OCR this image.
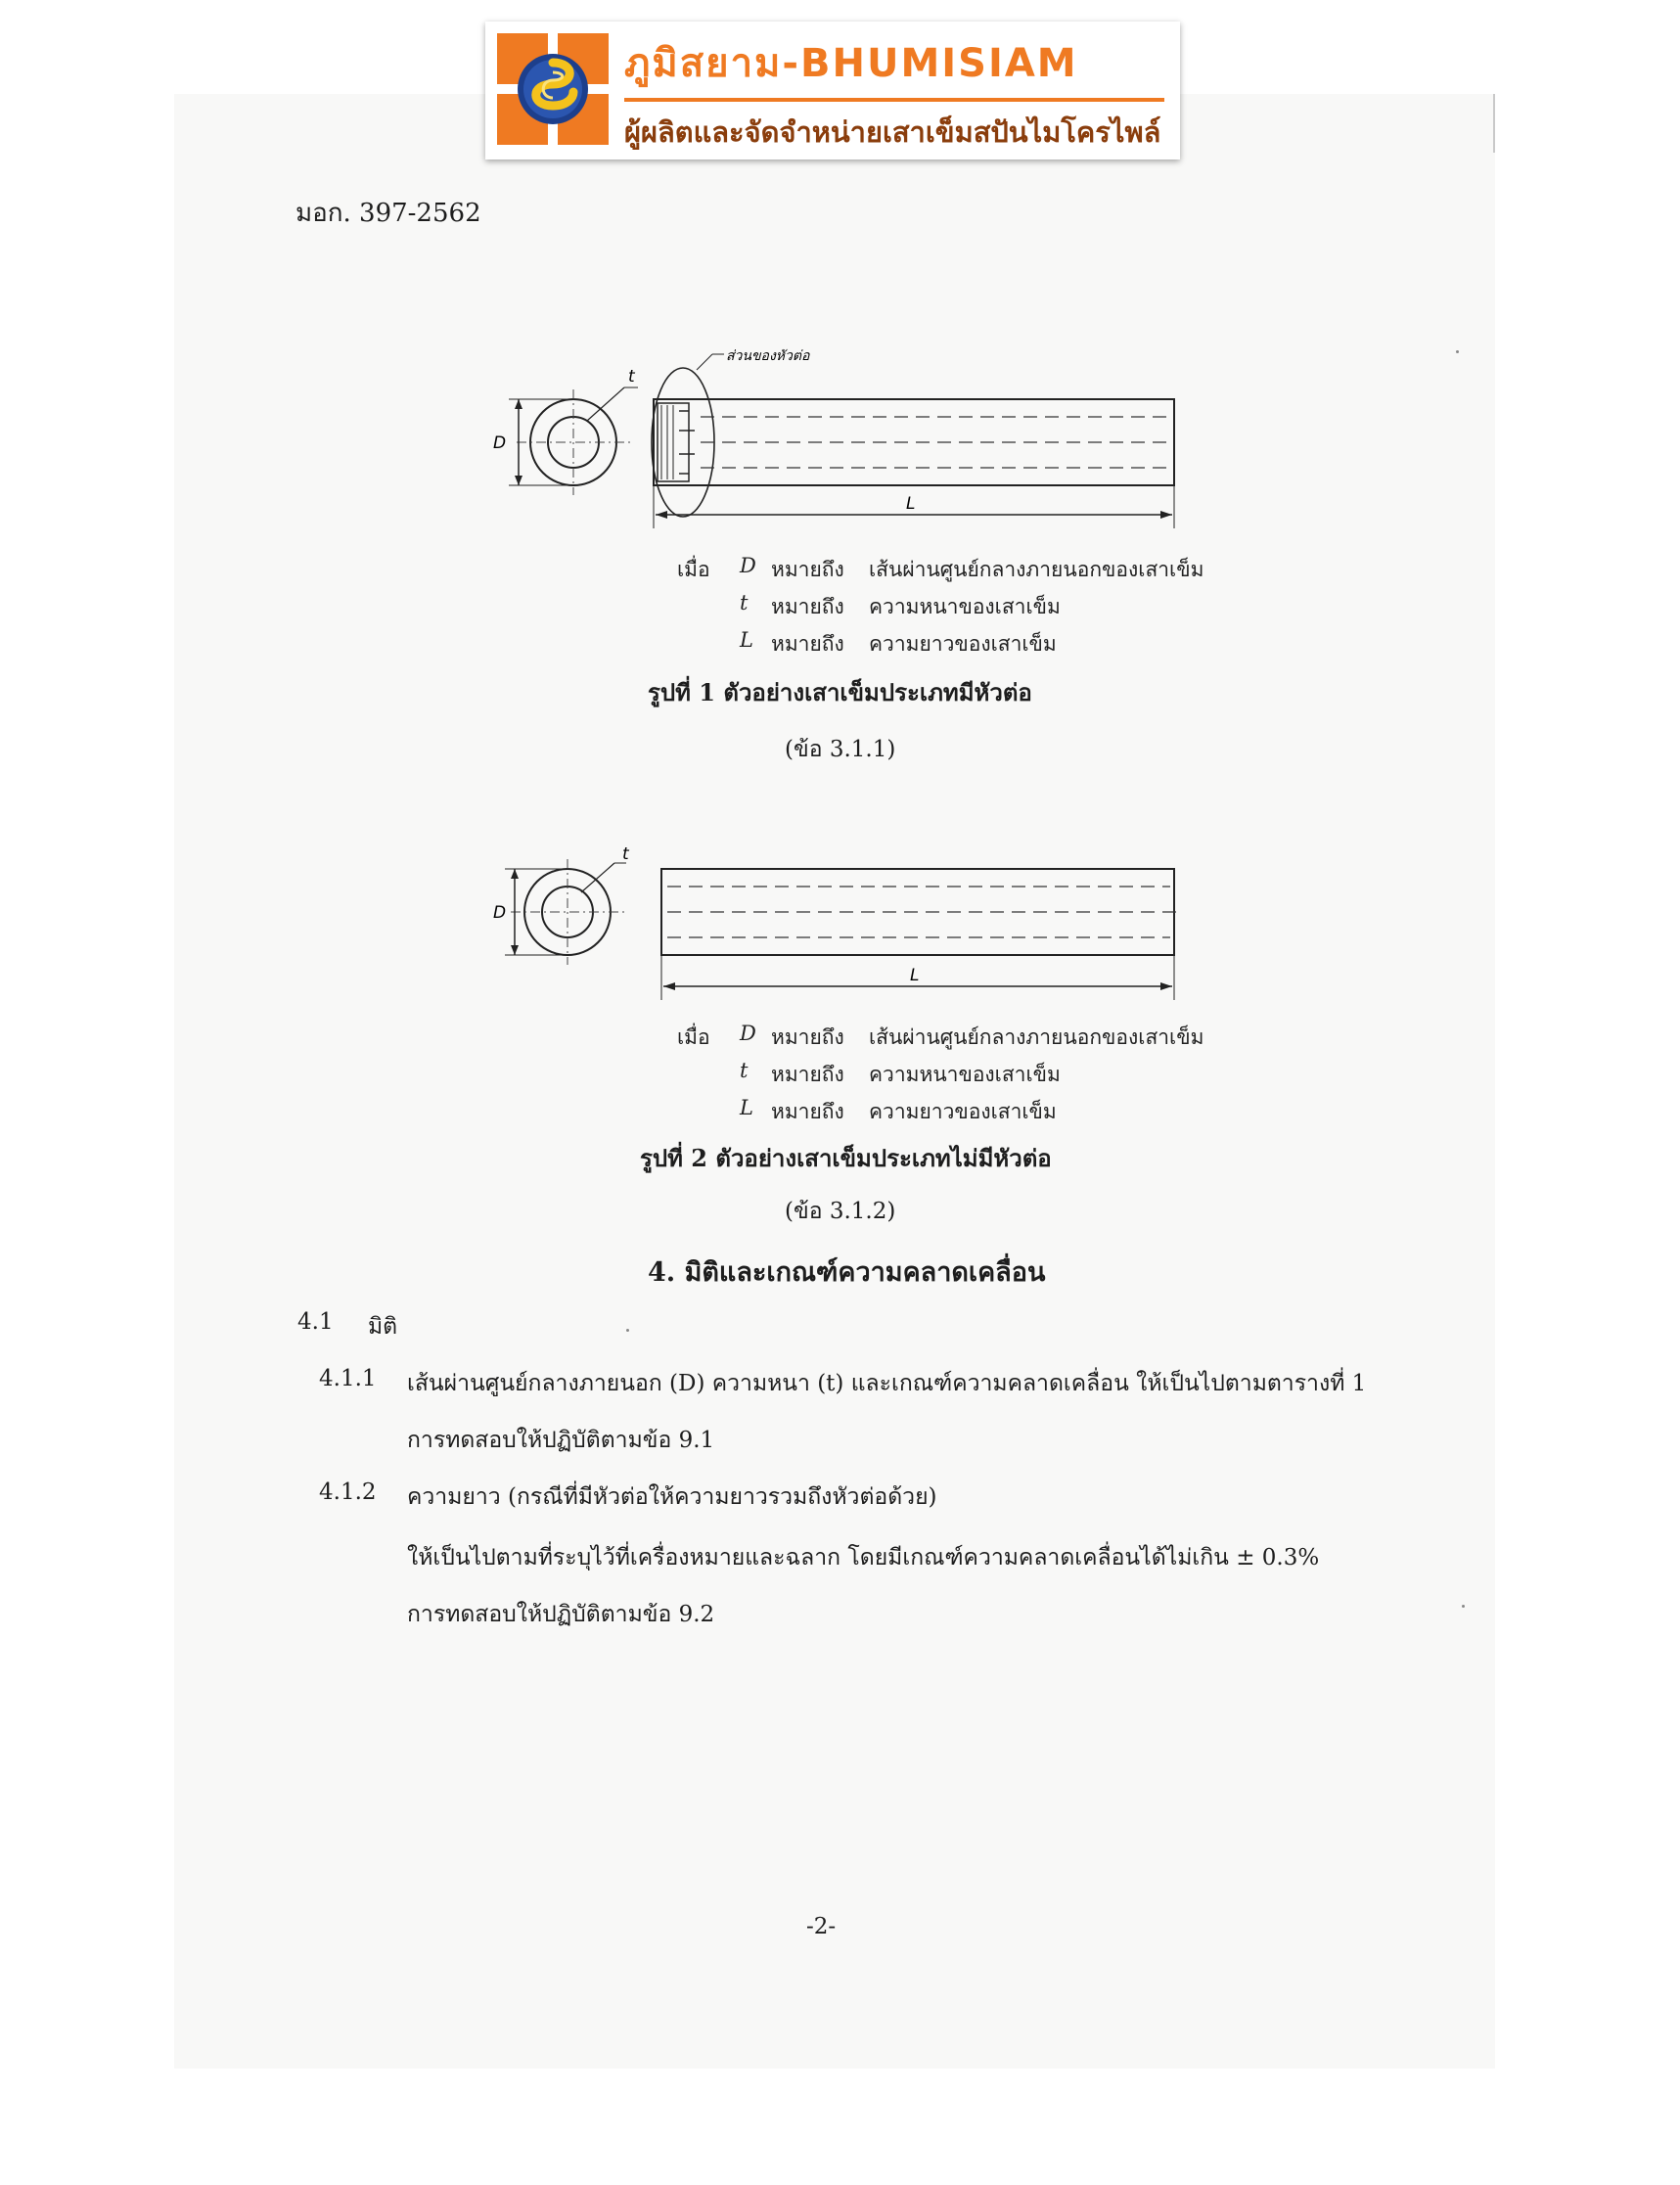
ภูมิสยาม-BHUMISIAM
ผู้ผลิตและจัดจำหน่ายเสาเข็มสปันไมโครไพล์
มอก. 397-2562
D
t
L
ส่วนของหัวต่อ
เมื่อ D หมายถึง เส้นผ่านศูนย์กลางภายนอกของเสาเข็ม
t หมายถึง ความหนาของเสาเข็ม
L หมายถึง ความยาวของเสาเข็ม
รูปที่ 1 ตัวอย่างเสาเข็มประเภทมีหัวต่อ
(ข้อ 3.1.1)
D
t
L
เมื่อ D หมายถึง เส้นผ่านศูนย์กลางภายนอกของเสาเข็ม
t หมายถึง ความหนาของเสาเข็ม
L หมายถึง ความยาวของเสาเข็ม
รูปที่ 2 ตัวอย่างเสาเข็มประเภทไม่มีหัวต่อ
(ข้อ 3.1.2)
4. มิติและเกณฑ์ความคลาดเคลื่อน
4.1 มิติ
4.1.1 เส้นผ่านศูนย์กลางภายนอก (D) ความหนา (t) และเกณฑ์ความคลาดเคลื่อน ให้เป็นไปตามตารางที่ 1
การทดสอบให้ปฏิบัติตามข้อ 9.1
4.1.2 ความยาว (กรณีที่มีหัวต่อให้ความยาวรวมถึงหัวต่อด้วย)
ให้เป็นไปตามที่ระบุไว้ที่เครื่องหมายและฉลาก โดยมีเกณฑ์ความคลาดเคลื่อนได้ไม่เกิน ± 0.3%
การทดสอบให้ปฏิบัติตามข้อ 9.2
-2-
